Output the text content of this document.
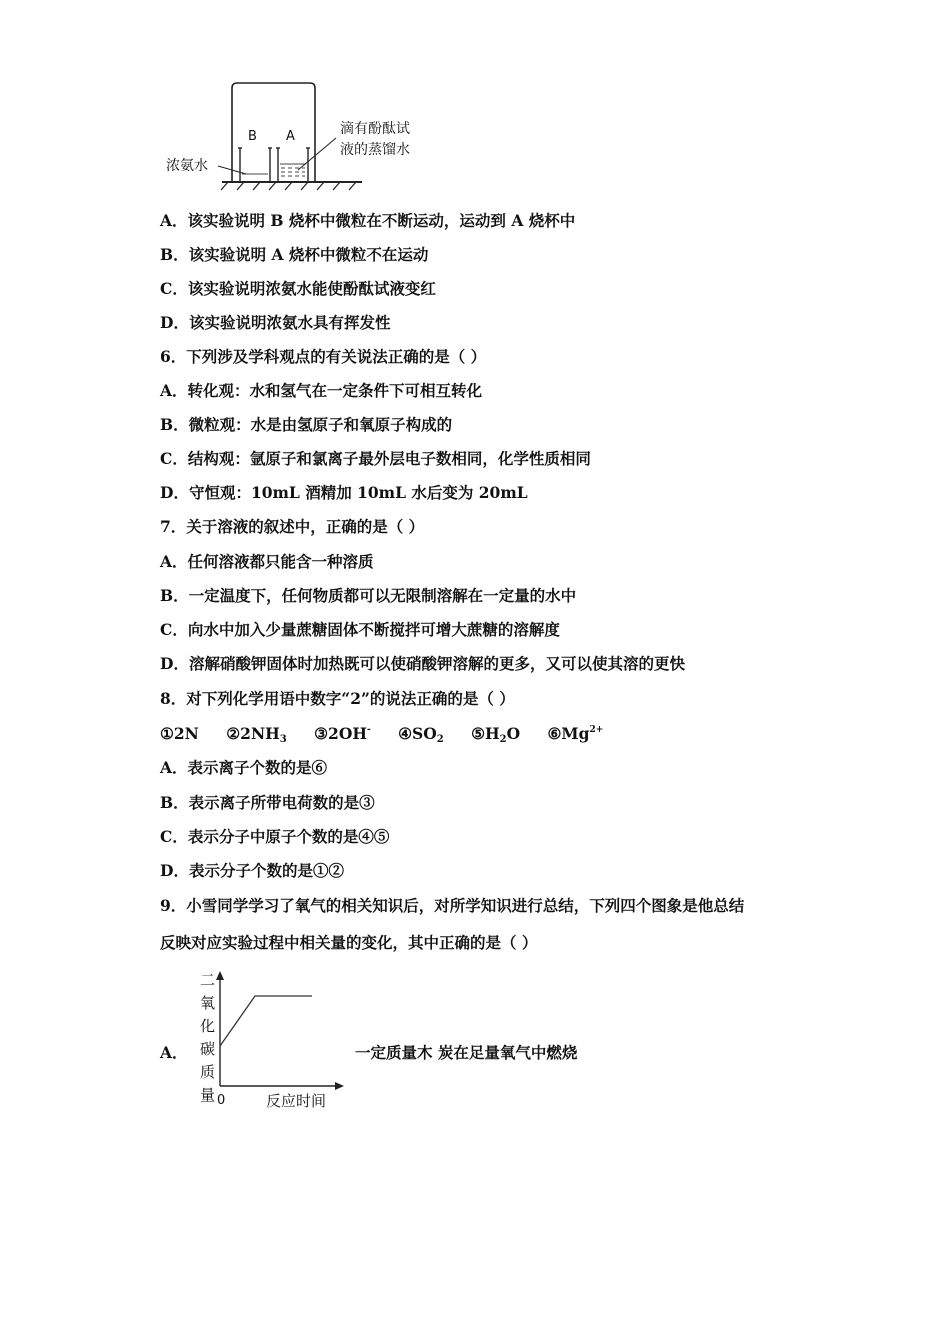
B A	滴有酚酞试
液的蒸馏水
浓氨水
A．该实验说明 B 烧杯中微粒在不断运动，运动到 A 烧杯中
B．该实验说明 A 烧杯中微粒不在运动
C．该实验说明浓氨水能使酚酞试液变红
D．该实验说明浓氨水具有挥发性
6．下列涉及学科观点的有关说法正确的是（ ）
A．转化观：水和氢气在一定条件下可相互转化
B．微粒观：水是由氢原子和氧原子构成的
C．结构观：氩原子和氯离子最外层电子数相同，化学性质相同
D．守恒观：10mL 酒精加 10mL 水后变为 20mL
7．关于溶液的叙述中，正确的是（ ）
A．任何溶液都只能含一种溶质
B．一定温度下，任何物质都可以无限制溶解在一定量的水中
C．向水中加入少量蔗糖固体不断搅拌可增大蔗糖的溶解度
D．溶解硝酸钾固体时加热既可以使硝酸钾溶解的更多，又可以使其溶的更快
8．对下列化学用语中数字“2”的说法正确的是（ ）
①2N $②2NH_3$ ③2OH- $④SO_2$ $⑤H_2O$ $⑥Mg^{2+}$
A．表示离子个数的是⑥
B．表示离子所带电荷数的是③
C．表示分子中原子个数的是④⑤
D．表示分子个数的是①②
9．小雪同学学习了氧气的相关知识后，对所学知识进行总结，下列四个图象是他总结
反映对应实验过程中相关量的变化，其中正确的是（ ）
A．
二
氧
化
碳
质
量 0	反应时间
一定质量木 炭在足量氧气中燃烧
